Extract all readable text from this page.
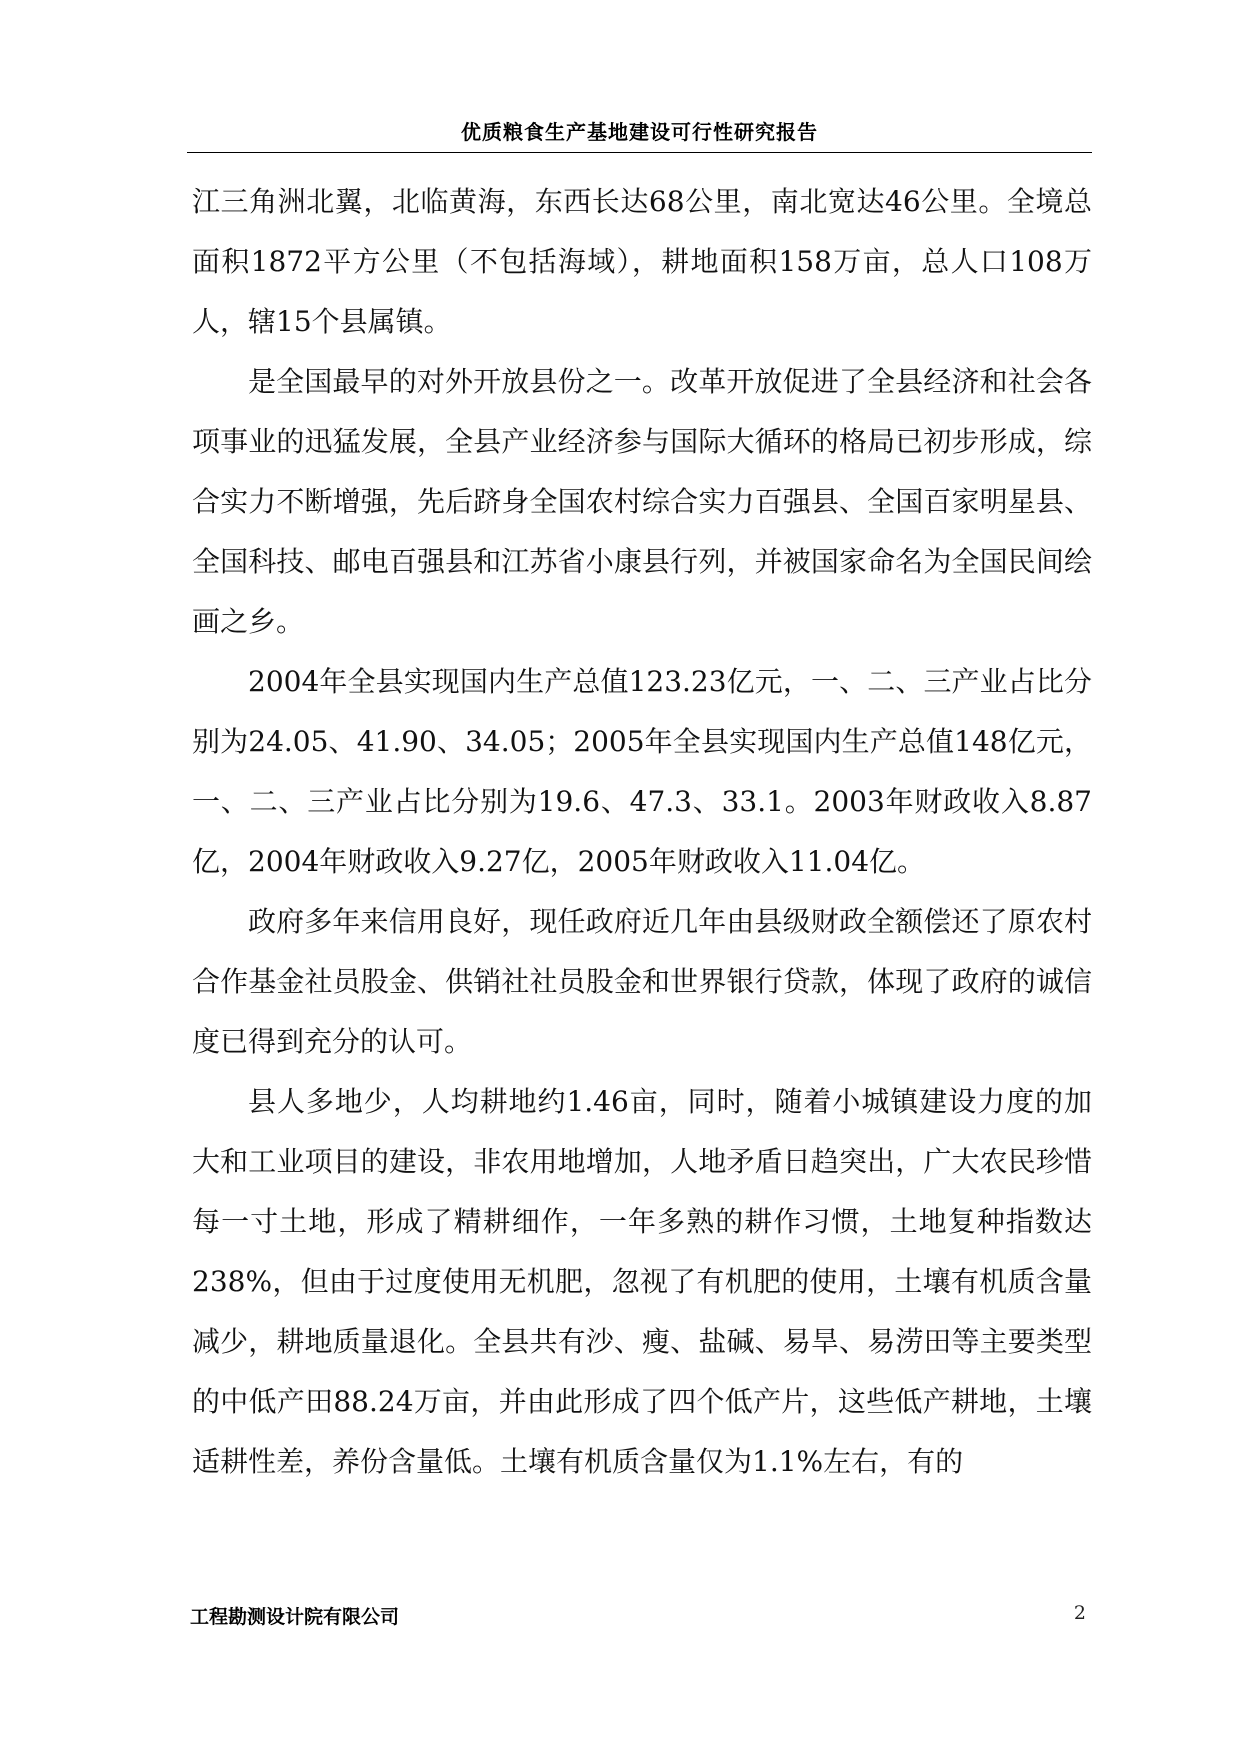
优质粮食生产基地建设可行性研究报告

江三角洲北翼，北临黄海，东西长达68公里，南北宽达46公里。全境总面积1872平方公里（不包括海域），耕地面积158万亩，总人口108万人，辖15个县属镇。

是全国最早的对外开放县份之一。改革开放促进了全县经济和社会各项事业的迅猛发展，全县产业经济参与国际大循环的格局已初步形成，综合实力不断增强，先后跻身全国农村综合实力百强县、全国百家明星县、全国科技、邮电百强县和江苏省小康县行列，并被国家命名为全国民间绘画之乡。

2004年全县实现国内生产总值123.23亿元，一、二、三产业占比分别为24.05、41.90、34.05；2005年全县实现国内生产总值148亿元，一、二、三产业占比分别为19.6、47.3、33.1。2003年财政收入8.87亿，2004年财政收入9.27亿，2005年财政收入11.04亿。

政府多年来信用良好，现任政府近几年由县级财政全额偿还了原农村合作基金社员股金、供销社社员股金和世界银行贷款，体现了政府的诚信度已得到充分的认可。

县人多地少，人均耕地约1.46亩，同时，随着小城镇建设力度的加大和工业项目的建设，非农用地增加，人地矛盾日趋突出，广大农民珍惜每一寸土地，形成了精耕细作，一年多熟的耕作习惯，土地复种指数达238%，但由于过度使用无机肥，忽视了有机肥的使用，土壤有机质含量减少，耕地质量退化。全县共有沙、瘦、盐碱、易旱、易涝田等主要类型的中低产田88.24万亩，并由此形成了四个低产片，这些低产耕地，土壤适耕性差，养份含量低。土壤有机质含量仅为1.1%左右，有的

工程勘测设计院有限公司	2
